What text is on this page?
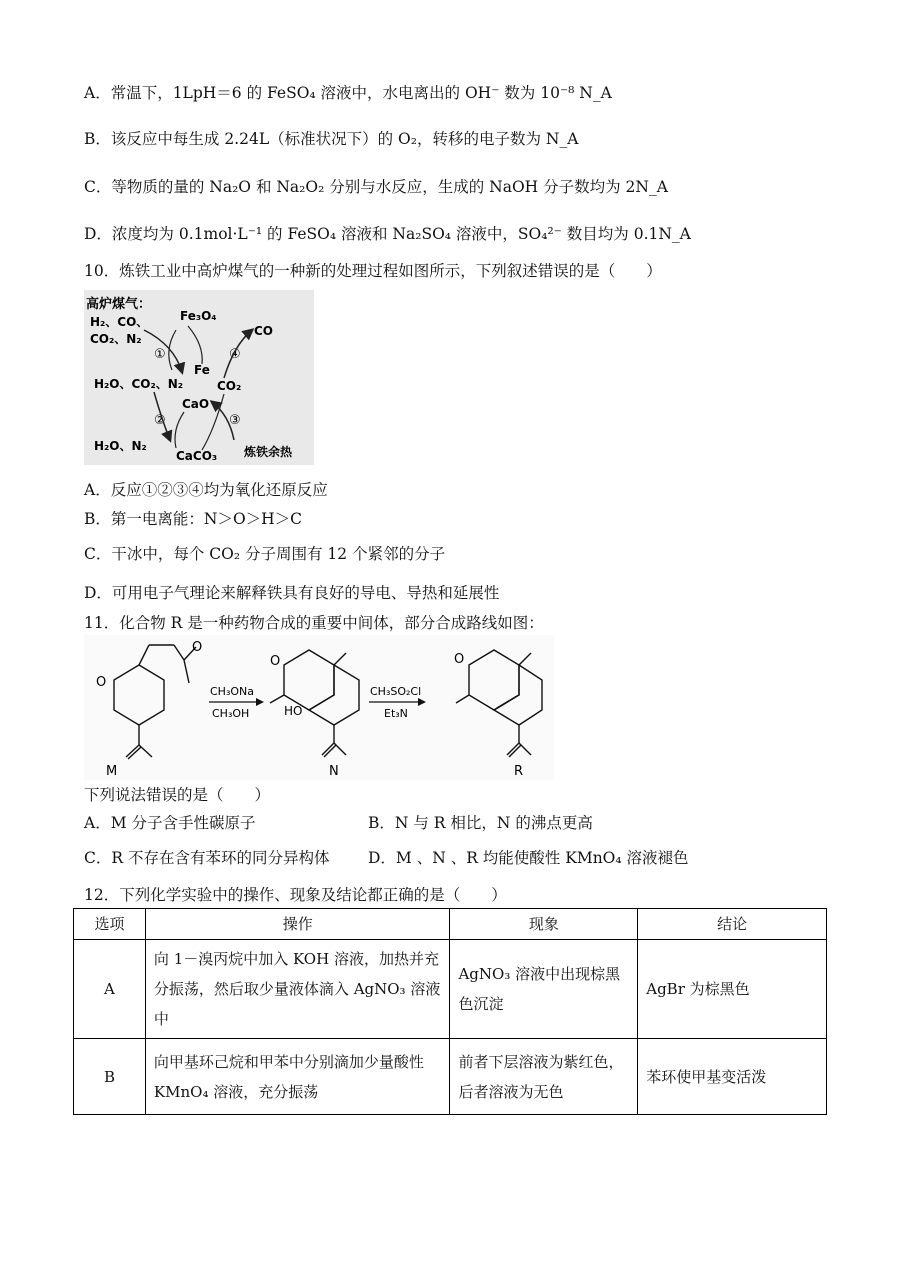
A．常温下，1LpH＝6 的 FeSO₄ 溶液中，水电离出的 OH⁻ 数为 10⁻⁸ N_A
B．该反应中每生成 2.24L（标准状况下）的 O₂，转移的电子数为 N_A
C．等物质的量的 Na₂O 和 Na₂O₂ 分别与水反应，生成的 NaOH 分子数均为 2N_A
D．浓度均为 0.1mol·L⁻¹ 的 FeSO₄ 溶液和 Na₂SO₄ 溶液中，SO₄²⁻ 数目均为 0.1N_A
10．炼铁工业中高炉煤气的一种新的处理过程如图所示，下列叙述错误的是（　　）
高炉煤气：
H₂、CO、
CO₂、N₂
Fe₃O₄
CO
Fe
H₂O、CO₂、N₂	CO₂
CaO
H₂O、N₂
CaCO₃ 炼铁余热
①	④
②	③
A．反应①②③④均为氧化还原反应
B．第一电离能：N＞O＞H＞C
C．干冰中，每个 CO₂ 分子周围有 12 个紧邻的分子
D．可用电子气理论来解释铁具有良好的导电、导热和延展性
11．化合物 R 是一种药物合成的重要中间体，部分合成路线如图：
O
O
M
CH₃ONa
CH₃OH
O
HO
N
CH₃SO₂Cl
Et₃N
O
R
下列说法错误的是（　　）
A．M 分子含手性碳原子	B．N 与 R 相比，N 的沸点更高
C．R 不存在含有苯环的同分异构体 D．M 、N 、R 均能使酸性 KMnO₄ 溶液褪色
12．下列化学实验中的操作、现象及结论都正确的是（　　）
选项	操作	现象	结论
A	向 1－溴丙烷中加入 KOH 溶液，加热并充分振荡，然后取少量液体滴入 AgNO₃ 溶液中	AgNO₃ 溶液中出现棕黑色沉淀	AgBr 为棕黑色
B	向甲基环己烷和甲苯中分别滴加少量酸性 KMnO₄ 溶液，充分振荡	前者下层溶液为紫红色，后者溶液为无色	苯环使甲基变活泼
